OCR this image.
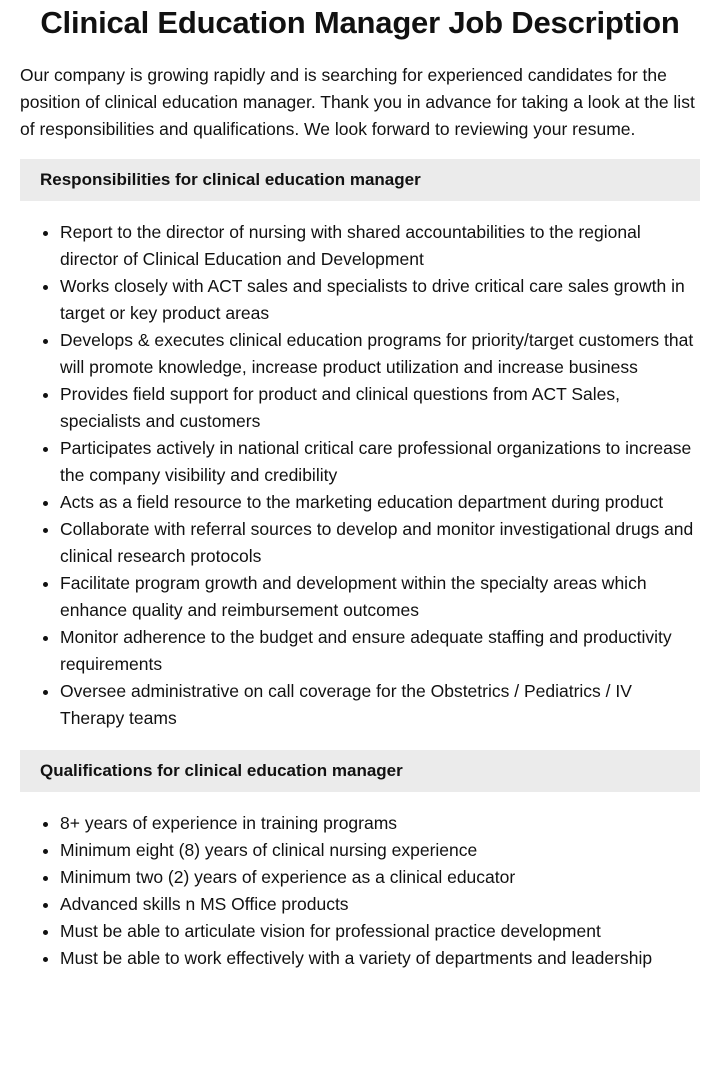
Clinical Education Manager Job Description

Our company is growing rapidly and is searching for experienced candidates for the position of clinical education manager. Thank you in advance for taking a look at the list of responsibilities and qualifications. We look forward to reviewing your resume.

Responsibilities for clinical education manager
• Report to the director of nursing with shared accountabilities to the regional director of Clinical Education and Development
• Works closely with ACT sales and specialists to drive critical care sales growth in target or key product areas
• Develops & executes clinical education programs for priority/target customers that will promote knowledge, increase product utilization and increase business
• Provides field support for product and clinical questions from ACT Sales, specialists and customers
• Participates actively in national critical care professional organizations to increase the company visibility and credibility
• Acts as a field resource to the marketing education department during product
• Collaborate with referral sources to develop and monitor investigational drugs and clinical research protocols
• Facilitate program growth and development within the specialty areas which enhance quality and reimbursement outcomes
• Monitor adherence to the budget and ensure adequate staffing and productivity requirements
• Oversee administrative on call coverage for the Obstetrics / Pediatrics / IV Therapy teams
Qualifications for clinical education manager
• 8+ years of experience in training programs
• Minimum eight (8) years of clinical nursing experience
• Minimum two (2) years of experience as a clinical educator
• Advanced skills n MS Office products
• Must be able to articulate vision for professional practice development
• Must be able to work effectively with a variety of departments and leadership
